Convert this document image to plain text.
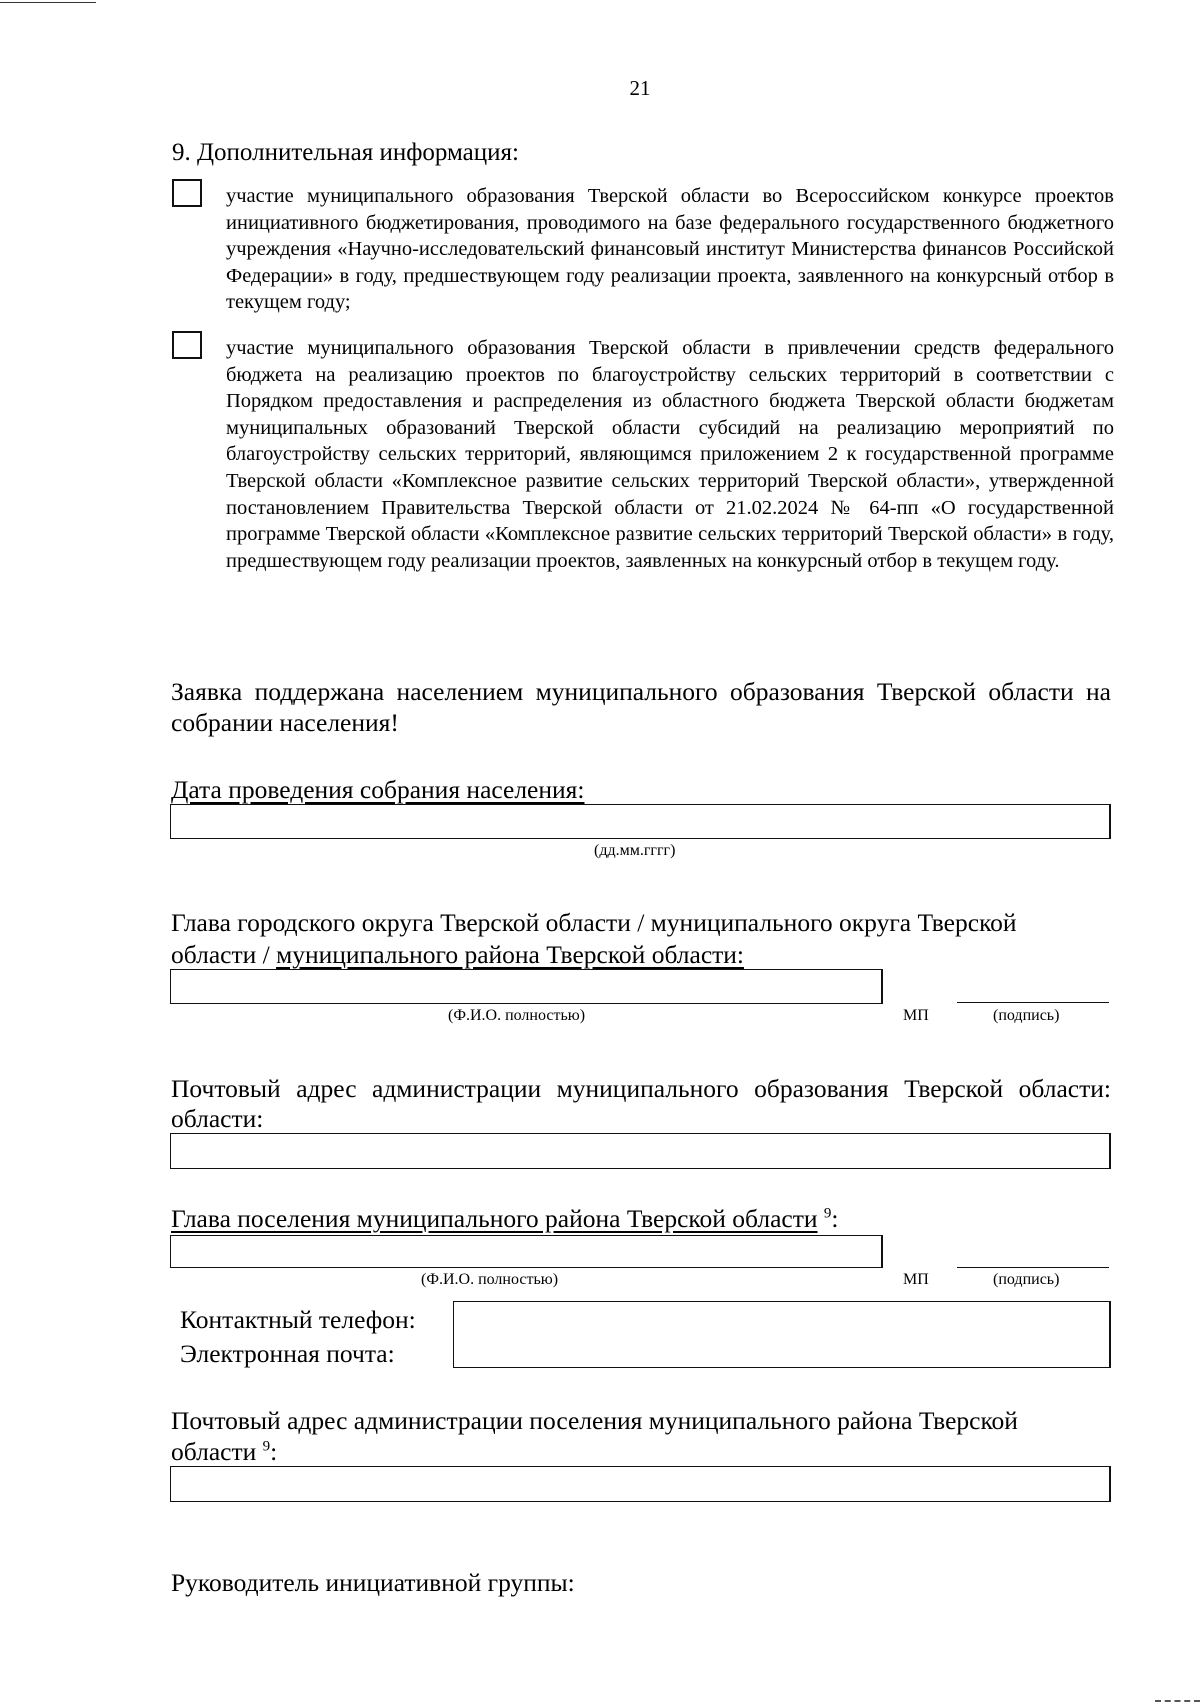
21
9. Дополнительная информация:
участие муниципального образования Тверской области во Всероссийском конкурсе проектов инициативного бюджетирования, проводимого на базе федерального государственного бюджетного учреждения «Научно-исследовательский финансовый институт Министерства финансов Российской Федерации» в году, предшествующем году реализации проекта, заявленного на конкурсный отбор в текущем году;
участие муниципального образования Тверской области в привлечении средств федерального бюджета на реализацию проектов по благоустройству сельских территорий в соответствии с Порядком предоставления и распределения из областного бюджета Тверской области бюджетам муниципальных образований Тверской области субсидий на реализацию мероприятий по благоустройству сельских территорий, являющимся приложением 2 к государственной программе Тверской области «Комплексное развитие сельских территорий Тверской области», утвержденной постановлением Правительства Тверской области от 21.02.2024 № 64-пп «О государственной программе Тверской области «Комплексное развитие сельских территорий Тверской области» в году, предшествующем году реализации проектов, заявленных на конкурсный отбор в текущем году.
Заявка поддержана населением муниципального образования Тверской области на собрании населения!
Дата проведения собрания населения:
(дд.мм.гггг)
Глава городского округа Тверской области / муниципального округа Тверской
области / муниципального района Тверской области:
(Ф.И.О. полностью)	МП	(подпись)
Почтовый адрес администрации муниципального образования Тверской области:
области:
Глава поселения муниципального района Тверской области $^9$:
(Ф.И.О. полностью)	МП	(подпись)
Контактный телефон:
Электронная почта:
Почтовый адрес администрации поселения муниципального района Тверской
области $^9$:
Руководитель инициативной группы:
